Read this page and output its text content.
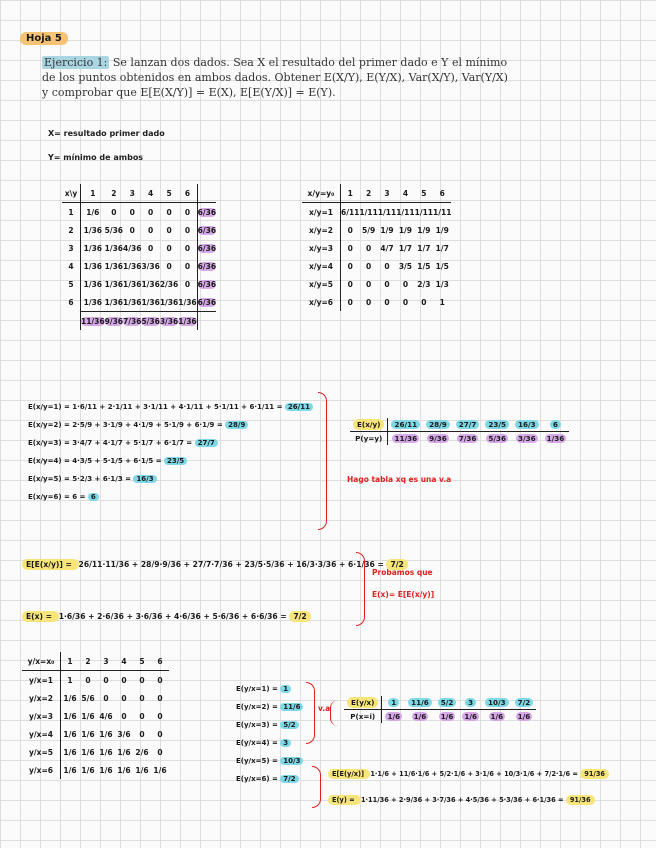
Hoja 5
Ejercicio 1: Se lanzan dos dados. Sea X el resultado del primer dado e Y el mínimo de los puntos obtenidos en ambos dados. Obtener E(X/Y), E(Y/X), Var(X/Y), Var(Y/X) y comprobar que E[E(X/Y)] = E(X), E[E(Y/X)] = E(Y).
X= resultado primer dado
Y= mínimo de ambos
x\y	1	2	3	4	5	6	
1	1/6	0	0	0	0	0	6/36
2	1/36	5/36	0	0	0	0	6/36
3	1/36	1/36	4/36	0	0	0	6/36
4	1/36	1/36	1/36	3/36	0	0	6/36
5	1/36	1/36	1/36	1/36	2/36	0	6/36
6	1/36	1/36	1/36	1/36	1/36	1/36	6/36
	11/36	9/36	7/36	5/36	3/36	1/36	
x/y=y₀	1	2	3	4	5	6
x/y=1	6/11	1/11	1/11	1/11	1/11	1/11
x/y=2	0	5/9	1/9	1/9	1/9	1/9
x/y=3	0	0	4/7	1/7	1/7	1/7
x/y=4	0	0	0	3/5	1/5	1/5
x/y=5	0	0	0	0	2/3	1/3
x/y=6	0	0	0	0	0	1
E(x/y=1) = 1·6/11 + 2·1/11 + 3·1/11 + 4·1/11 + 5·1/11 + 6·1/11 = 26/11
E(x/y=2) = 2·5/9 + 3·1/9 + 4·1/9 + 5·1/9 + 6·1/9 = 28/9
E(x/y=3) = 3·4/7 + 4·1/7 + 5·1/7 + 6·1/7 = 27/7
E(x/y=4) = 4·3/5 + 5·1/5 + 6·1/5 = 23/5
E(x/y=5) = 5·2/3 + 6·1/3 = 16/3
E(x/y=6) = 6 = 6
E(x/y)	26/11	28/9	27/7	23/5	16/3	6
P(y=y)	11/36	9/36	7/36	5/36	3/36	1/36
Hago tabla xq es una v.a
E[E(x/y)] = 26/11·11/36 + 28/9·9/36 + 27/7·7/36 + 23/5·5/36 + 16/3·3/36 + 6·1/36 = 7/2
E(x) = 1·6/36 + 2·6/36 + 3·6/36 + 4·6/36 + 5·6/36 + 6·6/36 = 7/2
Probamos que
E(x)= E[E(x/y)]
y/x=x₀	1	2	3	4	5	6
y/x=1	1	0	0	0	0	0
y/x=2	1/6	5/6	0	0	0	0
y/x=3	1/6	1/6	4/6	0	0	0
y/x=4	1/6	1/6	1/6	3/6	0	0
y/x=5	1/6	1/6	1/6	1/6	2/6	0
y/x=6	1/6	1/6	1/6	1/6	1/6	1/6
E(y/x=1) = 1
E(y/x=2) = 11/6
E(y/x=3) = 5/2
E(y/x=4) = 3
E(y/x=5) = 10/3
E(y/x=6) = 7/2
v.a
E(y/x)	1	11/6	5/2	3	10/3	7/2
P(x=i)	1/6	1/6	1/6	1/6	1/6	1/6
E[E(y/x)] 1·1/6 + 11/6·1/6 + 5/2·1/6 + 3·1/6 + 10/3·1/6 + 7/2·1/6 = 91/36
E(y) = 1·11/36 + 2·9/36 + 3·7/36 + 4·5/36 + 5·3/36 + 6·1/36 = 91/36
